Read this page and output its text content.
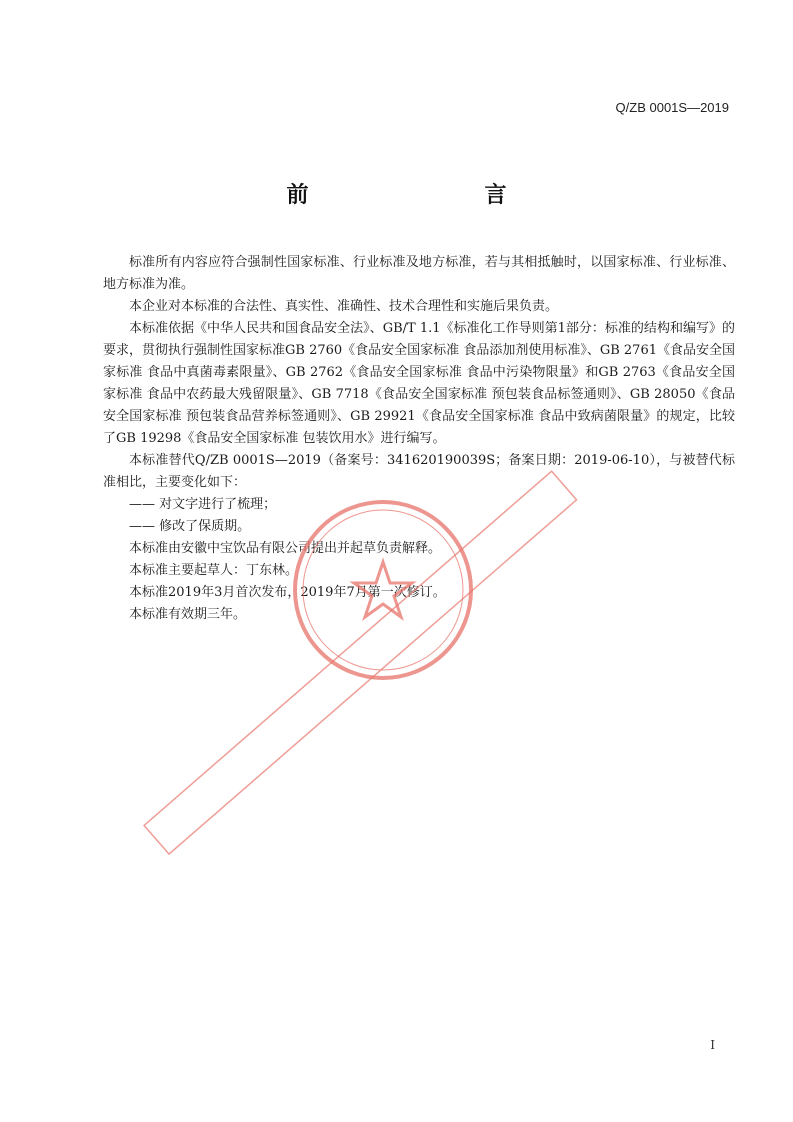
Q/ZB 0001S—2019
前　　言

标准所有内容应符合强制性国家标准、行业标准及地方标准，若与其相抵触时，以国家标准、行业标准、地方标准为准。

本企业对本标准的合法性、真实性、准确性、技术合理性和实施后果负责。

本标准依据《中华人民共和国食品安全法》、GB/T 1.1《标准化工作导则第1部分：标准的结构和编写》的要求，贯彻执行强制性国家标准GB 2760《食品安全国家标准 食品添加剂使用标准》、GB 2761《食品安全国家标准 食品中真菌毒素限量》、GB 2762《食品安全国家标准 食品中污染物限量》和GB 2763《食品安全国家标准 食品中农药最大残留限量》、GB 7718《食品安全国家标准 预包装食品标签通则》、GB 28050《食品安全国家标准 预包装食品营养标签通则》、GB 29921《食品安全国家标准 食品中致病菌限量》的规定，比较了GB 19298《食品安全国家标准 包装饮用水》进行编写。

本标准替代Q/ZB 0001S—2019（备案号：341620190039S；备案日期：2019-06-10），与被替代标准相比，主要变化如下：

—— 对文字进行了梳理；

—— 修改了保质期。

本标准由安徽中宝饮品有限公司提出并起草负责解释。

本标准主要起草人：丁东林。

本标准2019年3月首次发布，2019年7月第一次修订。

本标准有效期三年。

I
